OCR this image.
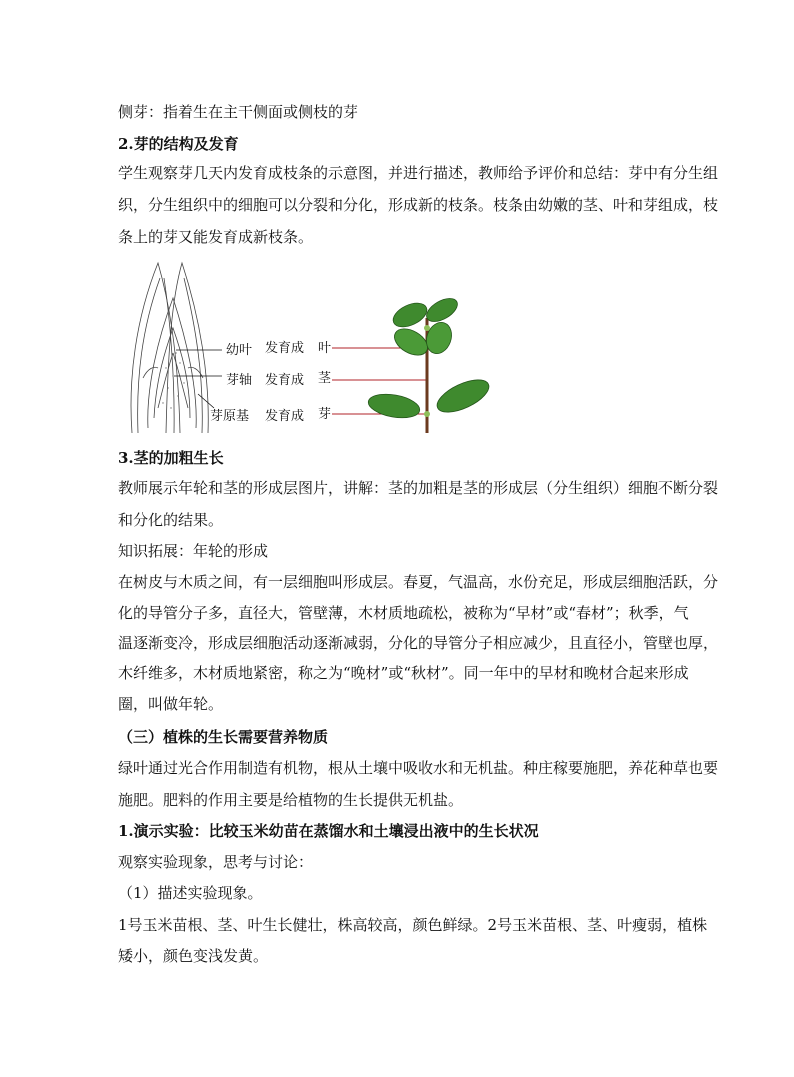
侧芽：指着生在主干侧面或侧枝的芽
2.芽的结构及发育
学生观察芽几天内发育成枝条的示意图，并进行描述，教师给予评价和总结：芽中有分生组
织，分生组织中的细胞可以分裂和分化，形成新的枝条。枝条由幼嫩的茎、叶和芽组成，枝
条上的芽又能发育成新枝条。
幼叶
芽轴
芽原基
发育成
发育成
发育成
叶
茎
芽
3.茎的加粗生长
教师展示年轮和茎的形成层图片，讲解：茎的加粗是茎的形成层（分生组织）细胞不断分裂
和分化的结果。
知识拓展：年轮的形成
在树皮与木质之间，有一层细胞叫形成层。春夏，气温高，水份充足，形成层细胞活跃，分
化的导管分子多，直径大，管壁薄，木材质地疏松，被称为“早材”或“春材”；秋季，气
温逐渐变冷，形成层细胞活动逐渐减弱，分化的导管分子相应减少，且直径小，管壁也厚，
木纤维多，木材质地紧密，称之为“晚材”或“秋材”。同一年中的早材和晚材合起来形成
圈，叫做年轮。
（三）植株的生长需要营养物质
绿叶通过光合作用制造有机物，根从土壤中吸收水和无机盐。种庄稼要施肥，养花种草也要
施肥。肥料的作用主要是给植物的生长提供无机盐。
1.演示实验：比较玉米幼苗在蒸馏水和土壤浸出液中的生长状况
观察实验现象，思考与讨论：
（1）描述实验现象。
1号玉米苗根、茎、叶生长健壮，株高较高，颜色鲜绿。2号玉米苗根、茎、叶瘦弱，植株
矮小，颜色变浅发黄。
